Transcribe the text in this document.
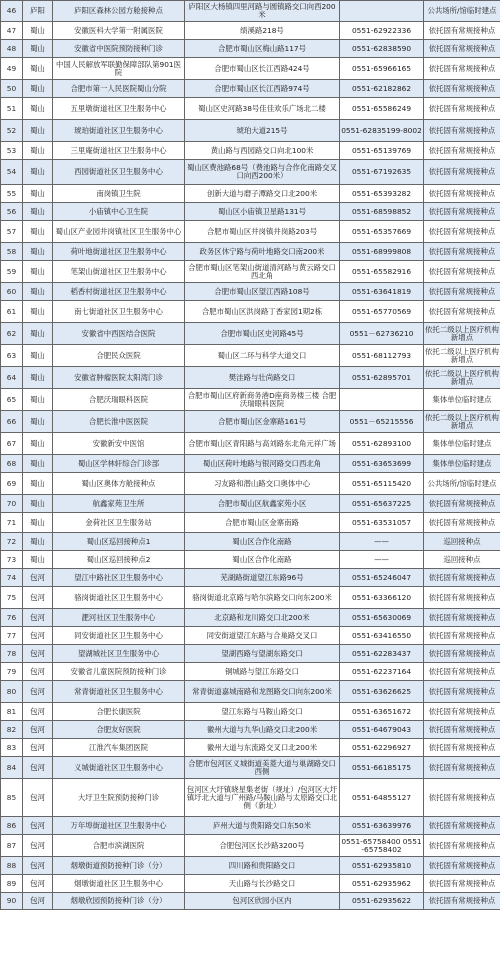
46	庐阳	庐阳区森林公园方舱接种点	庐阳区大杨镇四里河路与圆镇路交口向西200米		公共场所/馆临时建点
47	蜀山	安徽医科大学第一附属医院	绩溪路218号	0551-62922336	依托固有常规接种点
48	蜀山	安徽省中医院预防接种门诊	合肥市蜀山区梅山路117号	0551-62838590	依托固有常规接种点
49	蜀山	中国人民解放军联勤保障部队第901医院	合肥市蜀山区长江西路424号	0551-65966165	依托固有常规接种点
50	蜀山	合肥市第一人民医院蜀山分院	合肥市蜀山区长江西路974号	0551-62182862	依托固有常规接种点
51	蜀山	五里墩街道社区卫生服务中心	蜀山区史河路38号佳佳欢乐广场北二楼	0551-65586249	依托固有常规接种点
52	蜀山	琥珀街道社区卫生服务中心	琥珀大道215号	0551-62835199-8002	依托固有常规接种点
53	蜀山	三里庵街道社区卫生服务中心	黄山路与西园路交口向北100米	0551-65139769	依托固有常规接种点
54	蜀山	西园街道社区卫生服务中心	蜀山区费池路68号（费池路与合作化南路交叉口向西200米）	0551-67192635	依托固有常规接种点
55	蜀山	南岗镇卫生院	创新大道与磨子潭路交口北200米	0551-65393282	依托固有常规接种点
56	蜀山	小庙镇中心卫生院	蜀山区小庙镇卫星路131号	0551-68598852	依托固有常规接种点
57	蜀山	蜀山区产业园井岗镇社区卫生服务中心	合肥市蜀山区井岗镇井岗路203号	0551-65357669	依托固有常规接种点
58	蜀山	荷叶地街道社区卫生服务中心	政务区休宁路与荷叶地路交口南200米	0551-68999808	依托固有常规接种点
59	蜀山	笔架山街道社区卫生服务中心	合肥市蜀山区笔架山街道清河路与黄云路交口西北角	0551-65582916	依托固有常规接种点
60	蜀山	稻香村街道社区卫生服务中心	合肥市蜀山区望江西路108号	0551-63641819	依托固有常规接种点
61	蜀山	南七街道社区卫生服务中心	合肥市蜀山区洪岗路丁香家园1期2栋	0551-65770569	依托固有常规接种点
62	蜀山	安徽省中西医结合医院	合肥市蜀山区史河路45号	0551－62736210	依托二级以上医疗机构新增点
63	蜀山	合肥民众医院	蜀山区二环与科学大道交口	0551-68112793	依托二级以上医疗机构新增点
64	蜀山	安徽省肿瘤医院太阳湾门诊	樊洼路与壮尚路交口	0551-62895701	依托二级以上医疗机构新增点
65	蜀山	合肥沃瑞眼科医院	合肥市蜀山区府新商务港D座商务楼三楼 合肥沃瑞眼科医院		集体单位临时建点
66	蜀山	合肥长淮中医医院	合肥市蜀山区金寨路161号	0551－65215556	依托二级以上医疗机构新增点
67	蜀山	安徽新安中医馆	合肥市蜀山区青阳路与高刘路东北角元祥广场	0551-62893100	集体单位临时建点
68	蜀山	蜀山区学林轩综合门诊部	蜀山区荷叶地路与银河路交口西北角	0551-63653699	集体单位临时建点
69	蜀山	蜀山区奥体方舱接种点	习友路和潜山路交口奥体中心	0551-65115420	公共场所/馆临时建点
70	蜀山	航鑫家苑卫生所	合肥市蜀山区航鑫家苑小区	0551-65637225	依托固有常规接种点
71	蜀山	金荷社区卫生服务站	合肥市蜀山区金寨南路	0551-63531057	依托固有常规接种点
72	蜀山	蜀山区巡回接种点1	蜀山区合作化南路	——	巡回接种点
73	蜀山	蜀山区巡回接种点2	蜀山区合作化南路	——	巡回接种点
74	包河	望江中路社区卫生服务中心	芜湖路街道望江东路96号	0551-65246047	依托固有常规接种点
75	包河	骆岗街道社区卫生服务中心	骆岗街道北京路与哈尔滨路交口向东200米	0551-63366120	依托固有常规接种点
76	包河	淝河社区卫生服务中心	北京路和龙川路交口北200米	0551-65630069	依托固有常规接种点
77	包河	同安街道社区卫生服务中心	同安街道望江东路与合巢路交叉口	0551-63416550	依托固有常规接种点
78	包河	望湖城社区卫生服务中心	望湖西路与望湖东路交口	0551-62283437	依托固有常规接种点
79	包河	安徽省儿童医院预防接种门诊	铜城路与望江东路交口	0551-62237164	依托固有常规接种点
80	包河	常青街道社区卫生服务中心	常青街道嘉城南路和龙图路交口向东200米	0551-63626625	依托固有常规接种点
81	包河	合肥长康医院	望江东路与马鞍山路交口	0551-63651672	依托固有常规接种点
82	包河	合肥友好医院	徽州大道与九华山路交口北200米	0551-64679043	依托固有常规接种点
83	包河	江淮汽车集团医院	徽州大道与东流路交叉口北200米	0551-62296927	依托固有常规接种点
84	包河	义城街道社区卫生服务中心	合肥市包河区义城街道美菱大道与巢湖路交口西侧	0551-66185175	依托固有常规接种点
85	包河	大圩卫生院预防接种门诊	包河区大圩镇晓星集老街（规址）/包河区大圩镇圩北大道与广州路/马鞍山路与太原路交口北侧（新址）	0551-64855127	依托固有常规接种点
86	包河	万年埠街道社区卫生服务中心	庐州大道与贵阳路交口东50米	0551-63639976	依托固有常规接种点
87	包河	合肥市滨湖医院	合肥包河区长沙路3200号	0551-65758400 0551-65758402	依托固有常规接种点
88	包河	烟墩街道预防接种门诊（分）	四川路和贵阳路交口	0551-62935810	依托固有常规接种点
89	包河	烟墩街道社区卫生服务中心	天山路与长沙路交口	0551-62935962	依托固有常规接种点
90	包河	烟墩欣园预防接种门诊（分）	包河区欣园小区内	0551-62935622	依托固有常规接种点
